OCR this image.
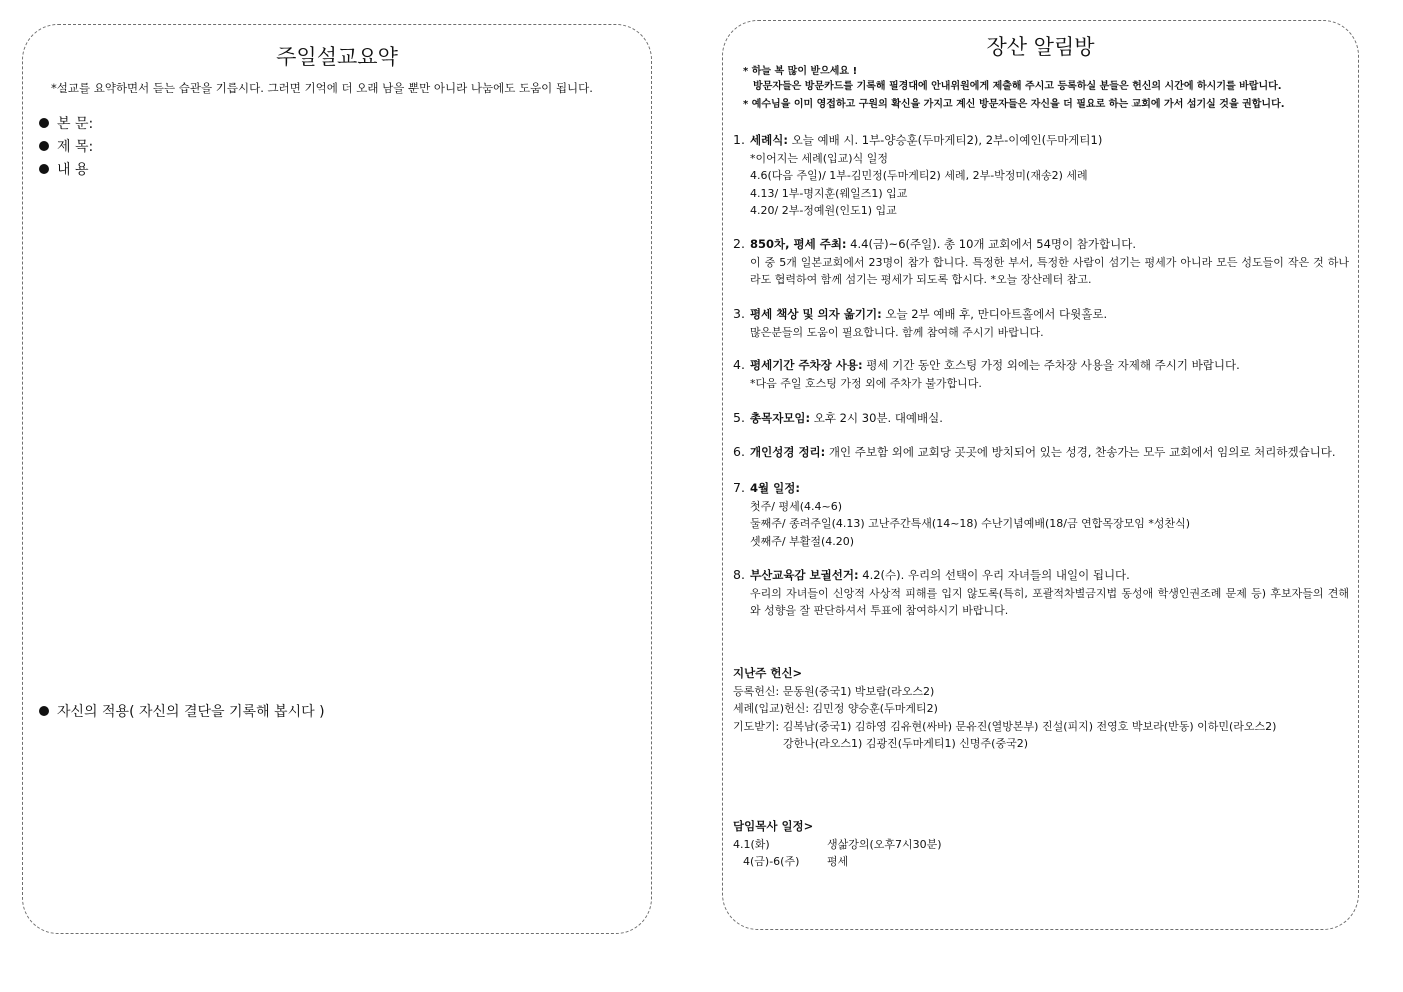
주일설교요약
*설교를 요약하면서 듣는 습관을 기릅시다. 그러면 기억에 더 오래 남을 뿐만 아니라 나눔에도 도움이 됩니다.
본 문:
제 목:
내 용
자신의 적용( 자신의 결단을 기록해 봅시다 )
장산 알림방
* 하늘 복 많이 받으세요 !
방문자들은 방문카드를 기록해 필경대에 안내위원에게 제출해 주시고 등록하실 분들은 헌신의 시간에 하시기를 바랍니다.
* 예수님을 이미 영접하고 구원의 확신을 가지고 계신 방문자들은 자신을 더 필요로 하는 교회에 가서 섬기실 것을 권합니다.
1. 세례식: 오늘 예배 시. 1부-양승훈(두마게티2), 2부-이예인(두마게티1)
*이어지는 세례(입교)식 일정
4.6(다음 주일)/ 1부-김민정(두마게티2) 세례, 2부-박정미(재송2) 세례
4.13/ 1부-명지훈(웨일즈1) 입교
4.20/ 2부-정예원(인도1) 입교
2. 850차, 평세 주최: 4.4(금)~6(주일). 총 10개 교회에서 54명이 참가합니다.
이 중 5개 일본교회에서 23명이 참가 합니다. 특정한 부서, 특정한 사람이 섬기는 평세가 아니라 모든 성도들이 작은 것 하나라도 협력하여 함께 섬기는 평세가 되도록 합시다. *오늘 장산레터 참고.
3. 평세 책상 및 의자 옮기기: 오늘 2부 예배 후, 만디아트홀에서 다윗홀로.
많은분들의 도움이 필요합니다. 함께 참여해 주시기 바랍니다.
4. 평세기간 주차장 사용: 평세 기간 동안 호스팅 가정 외에는 주차장 사용을 자제해 주시기 바랍니다.
*다음 주일 호스팅 가정 외에 주차가 불가합니다.
5. 총목자모임: 오후 2시 30분. 대예배실.
6. 개인성경 정리: 개인 주보함 외에 교회당 곳곳에 방치되어 있는 성경, 찬송가는 모두 교회에서 임의로 처리하겠습니다.
7. 4월 일정:
첫주/ 평세(4.4~6)
둘째주/ 종려주일(4.13) 고난주간특새(14~18) 수난기념예배(18/금 연합목장모임 *성찬식)
셋째주/ 부활절(4.20)
8. 부산교육감 보궐선거: 4.2(수). 우리의 선택이 우리 자녀들의 내일이 됩니다.
우리의 자녀들이 신앙적 사상적 피해를 입지 않도록(특히, 포괄적차별금지법 동성애 학생인권조례 문제 등) 후보자들의 견해와 성향을 잘 판단하셔서 투표에 참여하시기 바랍니다.
지난주 헌신>
등록헌신: 문동원(중국1) 박보람(라오스2)
세례(입교)헌신: 김민정 양승훈(두마게티2)
기도받기: 김복남(중국1) 김하영 김유현(싸바) 문유진(열방본부) 진설(피지) 전영호 박보라(반동) 이하민(라오스2)
강한나(라오스1) 김광진(두마게티1) 신명주(중국2)
담임목사 일정>
4.1(화)	생삶강의(오후7시30분)
4(금)-6(주)	평세
